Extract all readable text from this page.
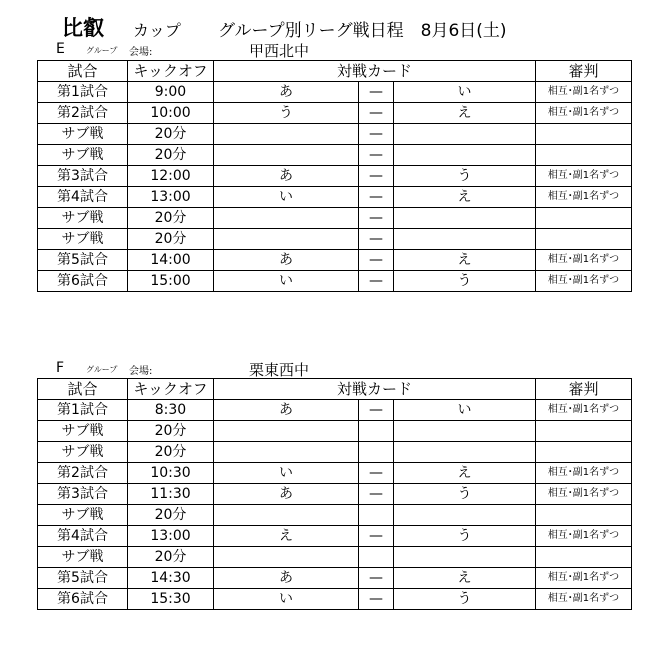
比叡 カップ グループ別リーグ戦日程　8月6日(土)
E	グループ 会場:	甲西北中
試合	キックオフ	対戦カード			審判
第1試合	9:00	あ	—	い	相互･副1名ずつ
第2試合	10:00	う	—	え	相互･副1名ずつ
サブ戦	20分		—		
サブ戦	20分		—		
第3試合	12:00	あ	—	う	相互･副1名ずつ
第4試合	13:00	い	—	え	相互･副1名ずつ
サブ戦	20分		—		
サブ戦	20分		—		
第5試合	14:00	あ	—	え	相互･副1名ずつ
第6試合	15:00	い	—	う	相互･副1名ずつ
F	グループ 会場:	栗東西中
試合	キックオフ	対戦カード			審判
第1試合	8:30	あ	—	い	相互･副1名ずつ
サブ戦	20分				
サブ戦	20分				
第2試合	10:30	い	—	え	相互･副1名ずつ
第3試合	11:30	あ	—	う	相互･副1名ずつ
サブ戦	20分				
第4試合	13:00	え	—	う	相互･副1名ずつ
サブ戦	20分				
第5試合	14:30	あ	—	え	相互･副1名ずつ
第6試合	15:30	い	—	う	相互･副1名ずつ
